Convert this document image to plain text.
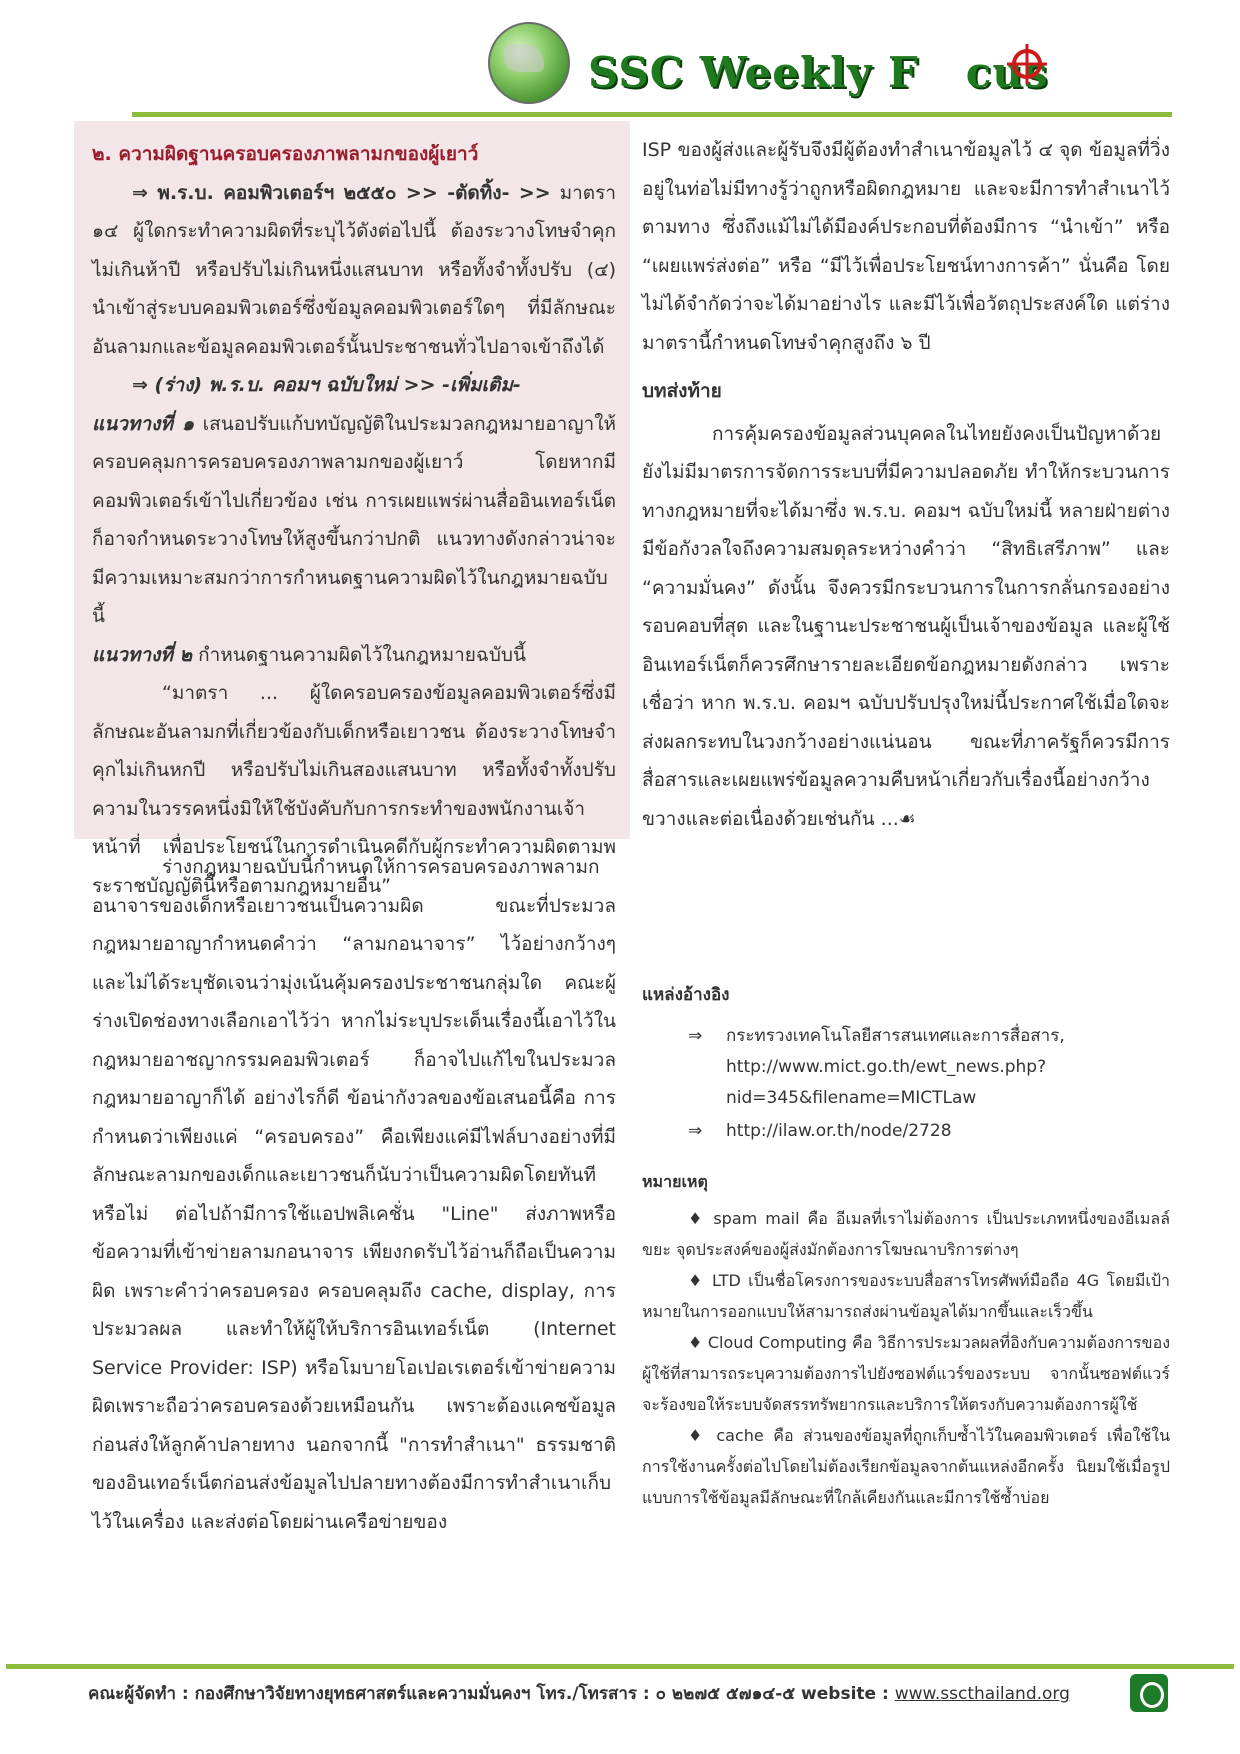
SSC Weekly F   cus

๒. ความผิดฐานครอบครองภาพลามกของผู้เยาว์

⇒ พ.ร.บ. คอมพิวเตอร์ฯ ๒๕๕๐ >> -ตัดทิ้ง- >> มาตรา ๑๔ ผู้ใดกระทำความผิดที่ระบุไว้ดังต่อไปนี้ ต้องระวางโทษจำคุกไม่เกินห้าปี หรือปรับไม่เกินหนึ่งแสนบาท หรือทั้งจำทั้งปรับ (๔) นำเข้าสู่ระบบคอมพิวเตอร์ซึ่งข้อมูลคอมพิวเตอร์ใดๆ ที่มีลักษณะอันลามกและข้อมูลคอมพิวเตอร์นั้นประชาชนทั่วไปอาจเข้าถึงได้

⇒ (ร่าง) พ.ร.บ. คอมฯ ฉบับใหม่ >> -เพิ่มเติม-

แนวทางที่ ๑ เสนอปรับแก้บทบัญญัติในประมวลกฎหมายอาญาให้ครอบคลุมการครอบครองภาพลามกของผู้เยาว์ โดยหากมีคอมพิวเตอร์เข้าไปเกี่ยวข้อง เช่น การเผยแพร่ผ่านสื่ออินเทอร์เน็ตก็อาจกำหนดระวางโทษให้สูงขึ้นกว่าปกติ แนวทางดังกล่าวน่าจะมีความเหมาะสมกว่าการกำหนดฐานความผิดไว้ในกฎหมายฉบับนี้

แนวทางที่ ๒ กำหนดฐานความผิดไว้ในกฎหมายฉบับนี้

“มาตรา ... ผู้ใดครอบครองข้อมูลคอมพิวเตอร์ซึ่งมีลักษณะอันลามกที่เกี่ยวข้องกับเด็กหรือเยาวชน ต้องระวางโทษจำคุกไม่เกินหกปี หรือปรับไม่เกินสองแสนบาท หรือทั้งจำทั้งปรับ ความในวรรคหนึ่งมิให้ใช้บังคับกับการกระทำของพนักงานเจ้าหน้าที่ เพื่อประโยชน์ในการดำเนินคดีกับผู้กระทำความผิดตามพระราชบัญญัตินี้หรือตามกฎหมายอื่น”

ร่างกฎหมายฉบับนี้กำหนดให้การครอบครองภาพลามกอนาจารของเด็กหรือเยาวชนเป็นความผิด ขณะที่ประมวลกฎหมายอาญากำหนดคำว่า “ลามกอนาจาร” ไว้อย่างกว้างๆ และไม่ได้ระบุชัดเจนว่ามุ่งเน้นคุ้มครองประชาชนกลุ่มใด คณะผู้ร่างเปิดช่องทางเลือกเอาไว้ว่า หากไม่ระบุประเด็นเรื่องนี้เอาไว้ในกฎหมายอาชญากรรมคอมพิวเตอร์ ก็อาจไปแก้ไขในประมวลกฎหมายอาญาก็ได้ อย่างไรก็ดี ข้อน่ากังวลของข้อเสนอนี้คือ การกำหนดว่าเพียงแค่ “ครอบครอง” คือเพียงแค่มีไฟล์บางอย่างที่มีลักษณะลามกของเด็กและเยาวชนก็นับว่าเป็นความผิดโดยทันทีหรือไม่ ต่อไปถ้ามีการใช้แอปพลิเคชั่น "Line" ส่งภาพหรือข้อความที่เข้าข่ายลามกอนาจาร เพียงกดรับไว้อ่านก็ถือเป็นความผิด เพราะคำว่าครอบครอง ครอบคลุมถึง cache, display, การประมวลผล และทำให้ผู้ให้บริการอินเทอร์เน็ต (Internet Service Provider: ISP) หรือโมบายโอเปอเรเตอร์เข้าข่ายความผิดเพราะถือว่าครอบครองด้วยเหมือนกัน เพราะต้องแคชข้อมูลก่อนส่งให้ลูกค้าปลายทาง นอกจากนี้ "การทำสำเนา" ธรรมชาติของอินเทอร์เน็ตก่อนส่งข้อมูลไปปลายทางต้องมีการทำสำเนาเก็บไว้ในเครื่อง และส่งต่อโดยผ่านเครือข่ายของ

ISP ของผู้ส่งและผู้รับจึงมีผู้ต้องทำสำเนาข้อมูลไว้ ๔ จุด ข้อมูลที่วิ่งอยู่ในท่อไม่มีทางรู้ว่าถูกหรือผิดกฎหมาย และจะมีการทำสำเนาไว้ตามทาง ซึ่งถึงแม้ไม่ได้มีองค์ประกอบที่ต้องมีการ “นำเข้า” หรือ “เผยแพร่ส่งต่อ” หรือ “มีไว้เพื่อประโยชน์ทางการค้า” นั่นคือ โดยไม่ได้จำกัดว่าจะได้มาอย่างไร และมีไว้เพื่อวัตถุประสงค์ใด แต่ร่างมาตรานี้กำหนดโทษจำคุกสูงถึง ๖ ปี

บทส่งท้าย

การคุ้มครองข้อมูลส่วนบุคคลในไทยยังคงเป็นปัญหาด้วยยังไม่มีมาตรการจัดการระบบที่มีความปลอดภัย ทำให้กระบวนการทางกฎหมายที่จะได้มาซึ่ง พ.ร.บ. คอมฯ ฉบับใหม่นี้ หลายฝ่ายต่างมีข้อกังวลใจถึงความสมดุลระหว่างคำว่า “สิทธิเสรีภาพ” และ “ความมั่นคง” ดังนั้น จึงควรมีกระบวนการในการกลั่นกรองอย่างรอบคอบที่สุด และในฐานะประชาชนผู้เป็นเจ้าของข้อมูล และผู้ใช้อินเทอร์เน็ตก็ควรศึกษารายละเอียดข้อกฎหมายดังกล่าว เพราะเชื่อว่า หาก พ.ร.บ. คอมฯ ฉบับปรับปรุงใหม่นี้ประกาศใช้เมื่อใดจะส่งผลกระทบในวงกว้างอย่างแน่นอน ขณะที่ภาครัฐก็ควรมีการสื่อสารและเผยแพร่ข้อมูลความคืบหน้าเกี่ยวกับเรื่องนี้อย่างกว้างขวางและต่อเนื่องด้วยเช่นกัน ...☙

แหล่งอ้างอิง

⇒ กระทรวงเทคโนโลยีสารสนเทศและการสื่อสาร, http://www.mict.go.th/ewt_news.php?nid=345&filename=MICTLaw

⇒ http://ilaw.or.th/node/2728

หมายเหตุ

♦ spam mail คือ อีเมลที่เราไม่ต้องการ เป็นประเภทหนึ่งของอีเมลล์ขยะ จุดประสงค์ของผู้ส่งมักต้องการโฆษณาบริการต่างๆ

♦ LTD เป็นชื่อโครงการของระบบสื่อสารโทรศัพท์มือถือ 4G โดยมีเป้าหมายในการออกแบบให้สามารถส่งผ่านข้อมูลได้มากขึ้นและเร็วขึ้น

♦ Cloud Computing คือ วิธีการประมวลผลที่อิงกับความต้องการของผู้ใช้ที่สามารถระบุความต้องการไปยังซอฟต์แวร์ของระบบ จากนั้นซอฟต์แวร์จะร้องขอให้ระบบจัดสรรทรัพยากรและบริการให้ตรงกับความต้องการผู้ใช้

♦ cache คือ ส่วนของข้อมูลที่ถูกเก็บซ้ำไว้ในคอมพิวเตอร์ เพื่อใช้ในการใช้งานครั้งต่อไปโดยไม่ต้องเรียกข้อมูลจากต้นแหล่งอีกครั้ง นิยมใช้เมื่อรูปแบบการใช้ข้อมูลมีลักษณะที่ใกล้เคียงกันและมีการใช้ซ้ำบ่อย

คณะผู้จัดทำ : กองศึกษาวิจัยทางยุทธศาสตร์และความมั่นคงฯ โทร./โทรสาร : ๐ ๒๒๗๕ ๕๗๑๔-๕ website : www.sscthailand.org
